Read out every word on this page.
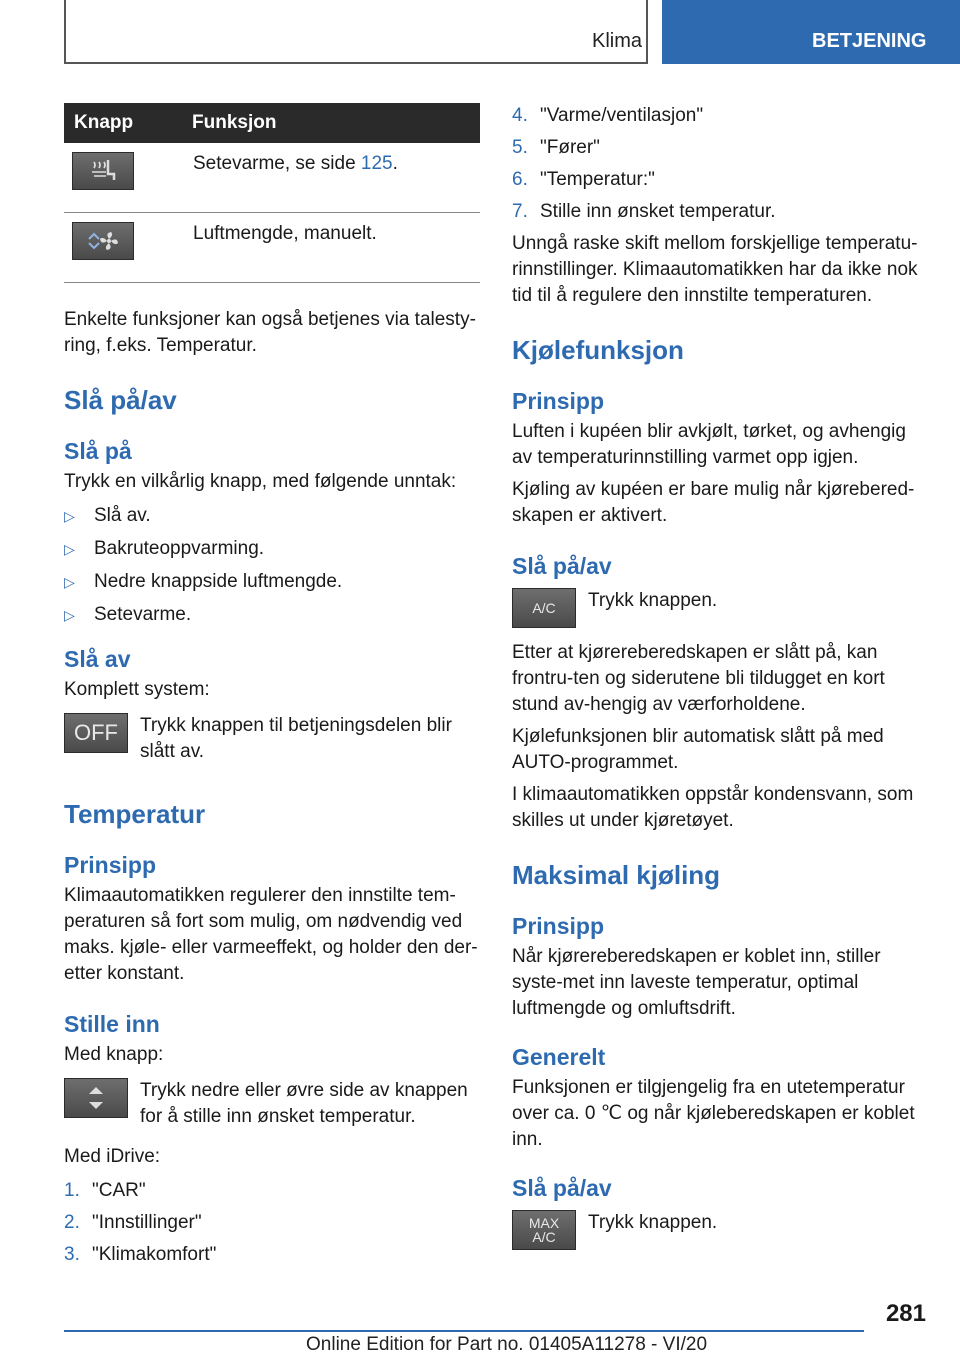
Klima	BETJENING
Knapp	Funksjon

	Setevarme, se side 125.

	Luftmengde, manuelt.

Enkelte funksjoner kan også betjenes via talesty‐ring, f.eks. Temperatur.

Slå på/av
Slå på

Trykk en vilkårlig knapp, med følgende unntak:

▷ Slå av.
▷ Bakruteoppvarming.
▷ Nedre knappside luftmengde.
▷ Setevarme.
Slå av

Komplett system:

OFF	Trykk knappen til betjeningsdelen blir slått av.

Temperatur
Prinsipp

Klimaautomatikken regulerer den innstilte tem‐peraturen så fort som mulig, om nødvendig ved maks. kjøle- eller varmeeffekt, og holder den der‐etter konstant.

Stille inn

Med knapp:

Trykk nedre eller øvre side av knappen for å stille inn ønsket temperatur.

Med iDrive:

1. "CAR"
2. "Innstillinger"
3. "Klimakomfort"
4. "Varme/ventilasjon"
5. "Fører"
6. "Temperatur:"
7. Stille inn ønsket temperatur.

Unngå raske skift mellom forskjellige temperatu‐rinnstillinger. Klimaautomatikken har da ikke nok tid til å regulere den innstilte temperaturen.

Kjølefunksjon
Prinsipp

Luften i kupéen blir avkjølt, tørket, og avhengig av temperaturinnstilling varmet opp igjen.

Kjøling av kupéen er bare mulig når kjørebered‐skapen er aktivert.

Slå på/av
A/C	Trykk knappen.

Etter at kjørereberedskapen er slått på, kan frontru‐ten og siderutene bli tildugget en kort stund av‐hengig av værforholdene.

Kjølefunksjonen blir automatisk slått på med AUTO-programmet.

I klimaautomatikken oppstår kondensvann, som skilles ut under kjøretøyet.

Maksimal kjøling
Prinsipp

Når kjørereberedskapen er koblet inn, stiller syste‐met inn laveste temperatur, optimal luftmengde og omluftsdrift.

Generelt

Funksjonen er tilgjengelig fra en utetemperatur over ca. 0 ℃ og når kjøleberedskapen er koblet inn.

Slå på/av
MAX
A/C

Trykk knappen.

281
Online Edition for Part no. 01405A11278 - VI/20
